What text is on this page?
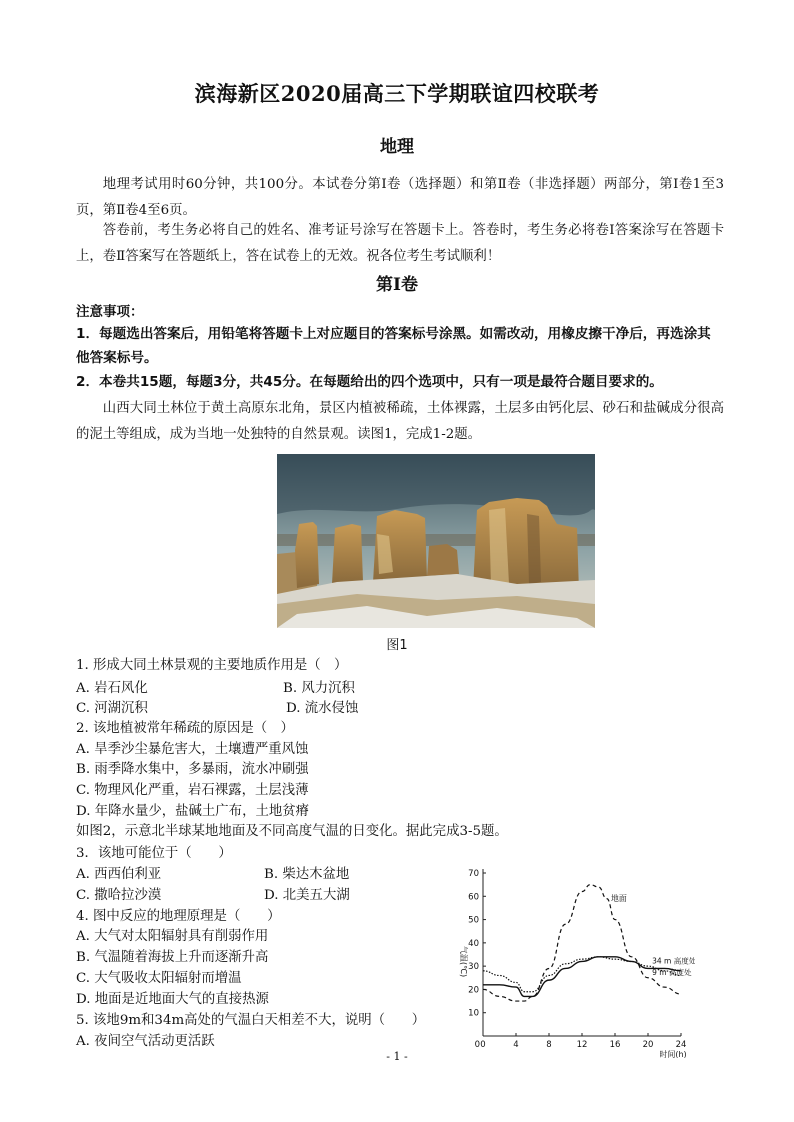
滨海新区2020届高三下学期联谊四校联考
地理
地理考试用时60分钟，共100分。本试卷分第Ⅰ卷（选择题）和第Ⅱ卷（非选择题）两部分，第Ⅰ卷1至3页，第Ⅱ卷4至6页。
答卷前，考生务必将自己的姓名、准考证号涂写在答题卡上。答卷时，考生务必将卷Ⅰ答案涂写在答题卡上，卷Ⅱ答案写在答题纸上，答在试卷上的无效。祝各位考生考试顺利！
第Ⅰ卷
注意事项：
1．每题选出答案后，用铅笔将答题卡上对应题目的答案标号涂黑。如需改动，用橡皮擦干净后，再选涂其他答案标号。
2．本卷共15题，每题3分，共45分。在每题给出的四个选项中，只有一项是最符合题目要求的。
山西大同土林位于黄土高原东北角，景区内植被稀疏，土体裸露，土层多由钙化层、砂石和盐碱成分很高的泥土等组成，成为当地一处独特的自然景观。读图1，完成1-2题。
图1
1. 形成大同土林景观的主要地质作用是（　）
A. 岩石风化	B. 风力沉积
C. 河湖沉积	D. 流水侵蚀
2. 该地植被常年稀疏的原因是（　）
A. 旱季沙尘暴危害大，土壤遭严重风蚀
B. 雨季降水集中，多暴雨，流水冲刷强
C. 物理风化严重，岩石裸露，土层浅薄
D. 年降水量少，盐碱土广布，土地贫瘠
如图2，示意北半球某地地面及不同高度气温的日变化。据此完成3-5题。
3．该地可能位于（　　）
A. 西西伯利亚	B. 柴达木盆地
C. 撒哈拉沙漠	D. 北美五大湖
4. 图中反应的地理原理是（　　）
A. 大气对太阳辐射具有削弱作用
B. 气温随着海拔上升而逐渐升高
C. 大气吸收太阳辐射而增温
D. 地面是近地面大气的直接热源
5. 该地9m和34m高处的气温白天相差不大，说明（　　）
A. 夜间空气活动更活跃	0	4	8	12	16	20	24
10
20
30
40
50
60
70
0
时间(h)
气温(℃)
地面
34 m 高度处
9 m 高度处
- 1 -
